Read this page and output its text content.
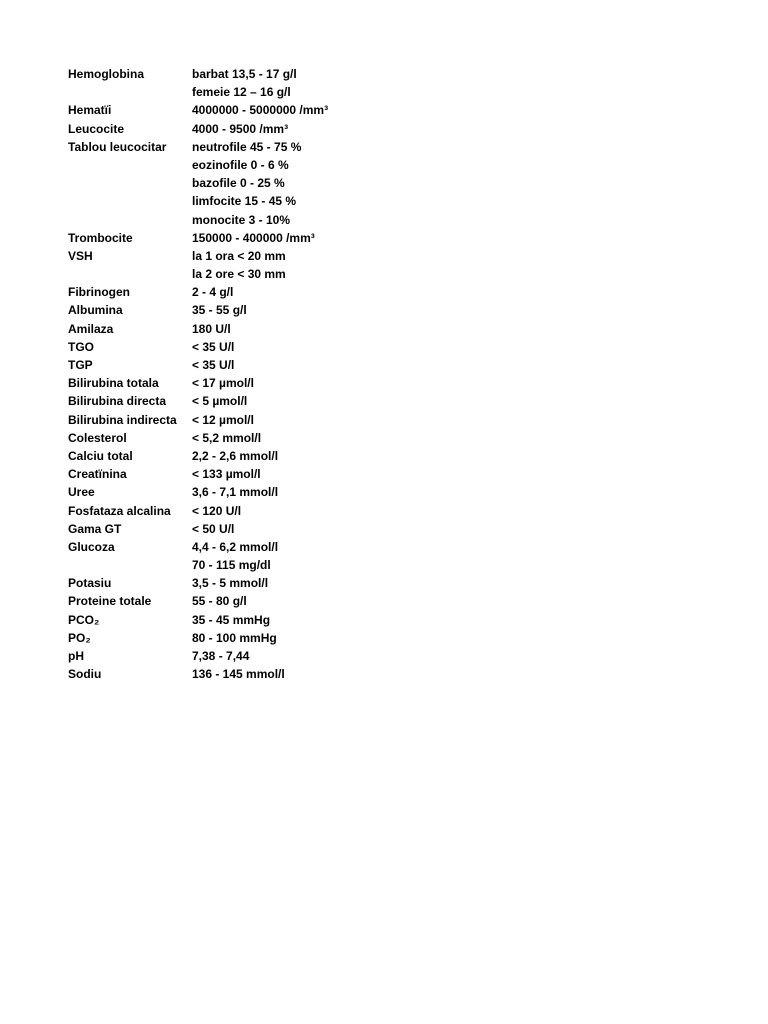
Hemoglobina	barbat 13,5 - 17 g/l
femeie 12 – 16 g/l
Hematïi	4000000 - 5000000 /mm³
Leucocite	4000 - 9500 /mm³
Tablou leucocitar	neutrofile 45 - 75 %
eozinofile 0 - 6 %
bazofile 0 - 25 %
limfocite 15 - 45 %
monocite 3 - 10%
Trombocite	150000 - 400000 /mm³
VSH	la 1 ora < 20 mm
la 2 ore < 30 mm
Fibrinogen	2 - 4 g/l
Albumina	35 - 55 g/l
Amilaza	180 U/l
TGO	< 35 U/l
TGP	< 35 U/l
Bilirubina totala	< 17 µmol/l
Bilirubina directa	< 5 µmol/l
Bilirubina indirecta	< 12 µmol/l
Colesterol	< 5,2 mmol/l
Calciu total	2,2 - 2,6 mmol/l
Creatïnina	< 133 µmol/l
Uree	3,6 - 7,1 mmol/l
Fosfataza alcalina	< 120 U/l
Gama GT	< 50 U/l
Glucoza	4,4 - 6,2 mmol/l
70 - 115 mg/dl
Potasiu	3,5 - 5 mmol/l
Proteine totale	55 - 80 g/l
PCO₂	35 - 45 mmHg
PO₂	80 - 100 mmHg
pH	7,38 - 7,44
Sodiu	136 - 145 mmol/l
